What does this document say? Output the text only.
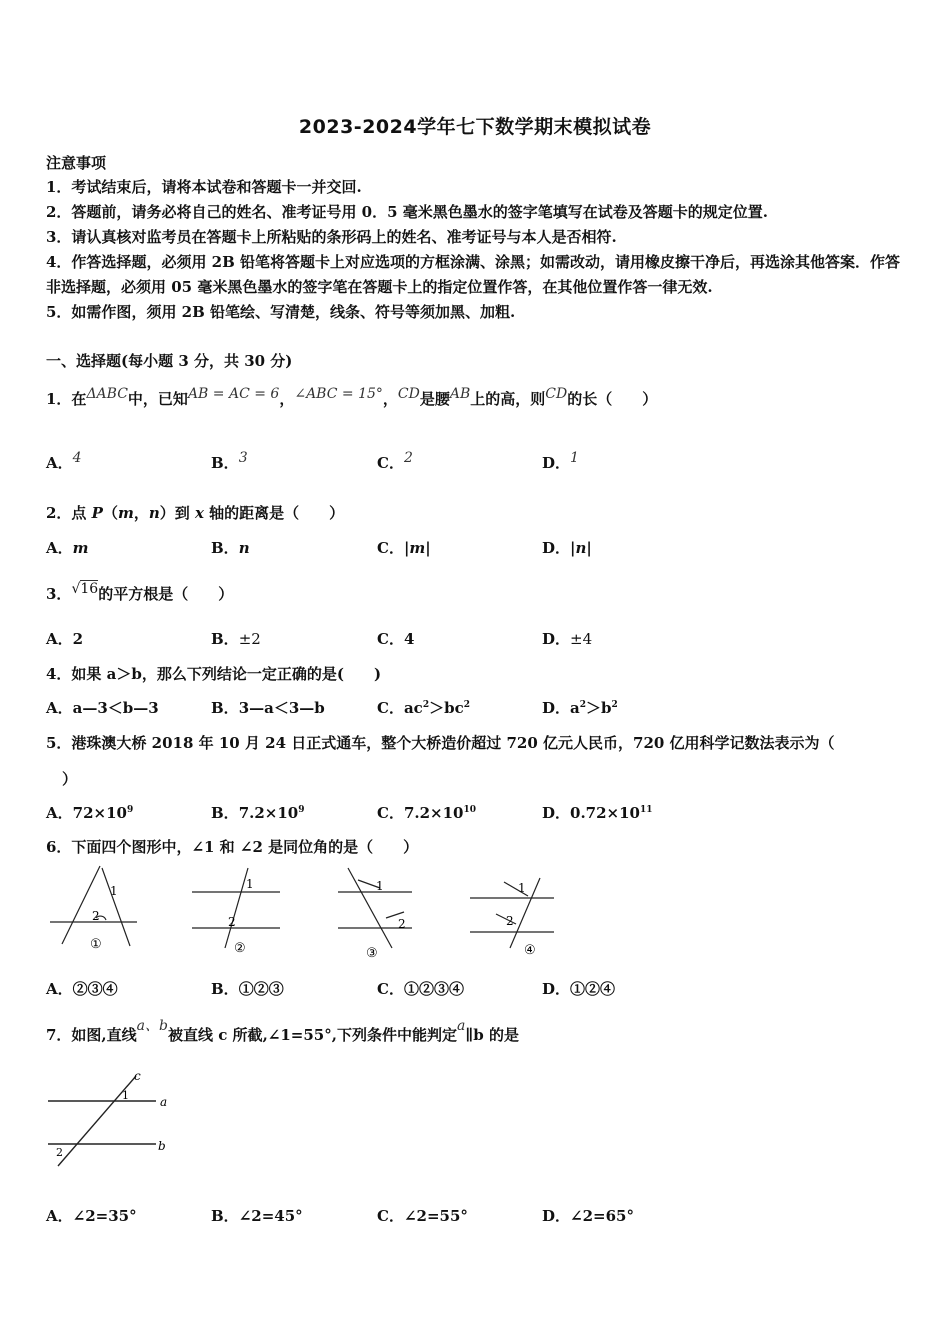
2023-2024学年七下数学期末模拟试卷
注意事项
1．考试结束后，请将本试卷和答题卡一并交回.
2．答题前，请务必将自己的姓名、准考证号用 0．5 毫米黑色墨水的签字笔填写在试卷及答题卡的规定位置.
3．请认真核对监考员在答题卡上所粘贴的条形码上的姓名、准考证号与本人是否相符.
4．作答选择题，必须用 2B 铅笔将答题卡上对应选项的方框涂满、涂黑；如需改动，请用橡皮擦干净后，再选涂其他答案．作答非选择题，必须用 05 毫米黑色墨水的签字笔在答题卡上的指定位置作答，在其他位置作答一律无效.
5．如需作图，须用 2B 铅笔绘、写清楚，线条、符号等须加黑、加粗.
一、选择题(每小题 3 分，共 30 分)
1．在ΔABC中，已知AB = AC = 6，∠ABC = 15°，CD是腰AB上的高，则CD的长（　　）
A．4	B．3	C．2	D．1
2．点 P（m，n）到 x 轴的距离是（　　）
A．m	B．n	C．|m|	D．|n|
3．√16的平方根是（　　）
A．2	B．±2	C．4	D．±4
4．如果 a＞b，那么下列结论一定正确的是(　　)
A．a—3＜b—3	B．3—a＜3—b	C．$ac^2>bc^2$	D．$a^2>b^2$
5．港珠澳大桥 2018 年 10 月 24 日正式通车，整个大桥造价超过 720 亿元人民币，720 亿用科学记数法表示为（
）
A．$72\times 10^9$	B．$7.2\times 10^9$	C．$7.2\times 10^{10}$	D．$0.72\times 10^{11}$
6．下面四个图形中，∠1 和 ∠2 是同位角的是（　　）
1
2
①
1
2
②
1
2
③
1
2
④
A．②③④	B．①②③	C．①②③④	D．①②④
7．如图,直线a、b被直线 c 所截,∠1=55°,下列条件中能判定a∥b 的是
c
a
b
1
2
A．∠2=35°	B．∠2=45°	C．∠2=55°	D．∠2=65°
